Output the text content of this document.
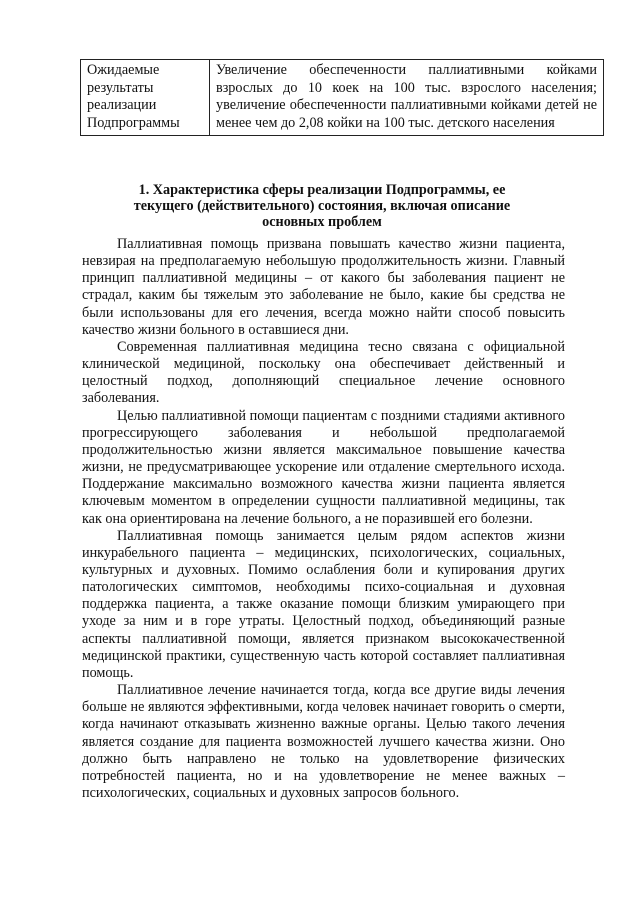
Ожидаемые результаты реализации Подпрограммы	Увеличение обеспеченности паллиативными койками взрослых до 10 коек на 100 тыс. взрослого населения; увеличение обеспеченности паллиативными койками детей не менее чем до 2,08 койки на 100 тыс. детского населения
1. Характеристика сферы реализации Подпрограммы, ее текущего (действительного) состояния, включая описание основных проблем

Паллиативная помощь призвана повышать качество жизни пациента, невзирая на предполагаемую небольшую продолжительность жизни. Главный принцип паллиативной медицины – от какого бы заболевания пациент не страдал, каким бы тяжелым это заболевание не было, какие бы средства не были использованы для его лечения, всегда можно найти способ повысить качество жизни больного в оставшиеся дни.

Современная паллиативная медицина тесно связана с официальной клинической медициной, поскольку она обеспечивает действенный и целостный подход, дополняющий специальное лечение основного заболевания.

Целью паллиативной помощи пациентам с поздними стадиями активного прогрессирующего заболевания и небольшой предполагаемой продолжительностью жизни является максимальное повышение качества жизни, не предусматривающее ускорение или отдаление смертельного исхода. Поддержание максимально возможного качества жизни пациента является ключевым моментом в определении сущности паллиативной медицины, так как она ориентирована на лечение больного, а не поразившей его болезни.

Паллиативная помощь занимается целым рядом аспектов жизни инкурабельного пациента – медицинских, психологических, социальных, культурных и духовных. Помимо ослабления боли и купирования других патологических симптомов, необходимы психо-социальная и духовная поддержка пациента, а также оказание помощи близким умирающего при уходе за ним и в горе утраты. Целостный подход, объединяющий разные аспекты паллиативной помощи, является признаком высококачественной медицинской практики, существенную часть которой составляет паллиативная помощь.

Паллиативное лечение начинается тогда, когда все другие виды лечения больше не являются эффективными, когда человек начинает говорить о смерти, когда начинают отказывать жизненно важные органы. Целью такого лечения является создание для пациента возможностей лучшего качества жизни. Оно должно быть направлено не только на удовлетворение физических потребностей пациента, но и на удовлетворение не менее важных – психологических, социальных и духовных запросов больного.
